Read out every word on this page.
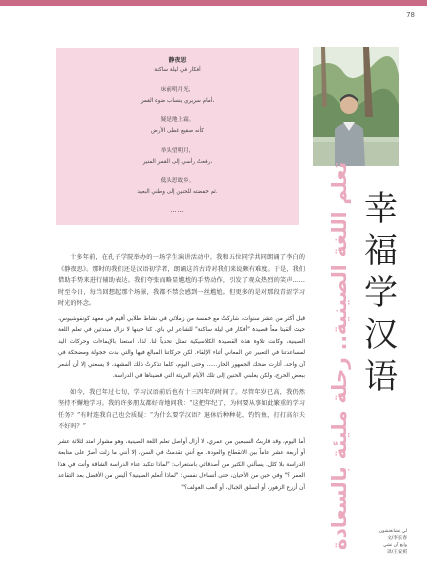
78
静夜思
أفكار في ليلة ساكنة
床前明月光，
أمام سريري ينساب ضوء القمر،
疑是地上霜。
كأنه صقيع غطى الأرض
举头望明月，
رفعتُ رأسي إلى القمر المنير،
低头思故乡。
ثم خفضته للحنين إلى وطني البعيد.
……	تعلم اللغة الصينية.. رحلة مليئة بالسعادة 幸
福
学
汉
语

十多年前，在孔子学院举办的一场学生演讲活动中，我和五位同学共同朗诵了李白的《静夜思》。那时的我们还是汉语初学者，朗诵这首古诗对我们来说颇有难度。于是，我们借助手势来进行辅助表达。我们夸张而略显尴尬的手势动作，引发了观众热烈的笑声……时至今日，每当回想起那个场景，我都不禁会感到一丝尴尬。但更多的是对那段青涩学习时光的怀念。

قبل أكثر من عشر سنوات، شاركتُ مع خمسة من زملائي في نشاط طلابي أقيم في معهد كونفوشيوس، حيث ألقينا معاً قصيدة "أفكار في ليلة ساكنة" للشاعر لي باي. كنا حينها لا نزال مبتدئين في تعلم اللغة الصينية، وكانت تلاوة هذه القصيدة الكلاسيكية تمثل تحدياً لنا. لذا، استعنا بالإيماءات وحركات اليد لمساعدتنا في التعبير عن المعاني أثناء الإلقاء. لكن حركاتنا المبالغ فيها والتي بدت خجولة ومضحكة في آن واحد، أثارت ضحك الجمهور الحار...... وحتى اليوم، كلما تذكرتُ ذلك المشهد، لا يسعني إلا أن أشعر ببعض الحرج، ولكن يغلبني الحنين إلى تلك الأيام البريئة التي قضيناها في الدراسة.

如今，我已年过七旬，学习汉语前后也有十三四年的时间了。尽管年岁已高，我仍然坚持不懈地学习。我的许多朋友都好奇地问我：“这把年纪了，为何要从事如此繁重的学习任务？”有时连我自己也会质疑：“为什么要学汉语？退休后种种花、钓钓鱼，打打高尔夫不好吗？”

أما اليوم، وقد قاربتُ السبعين من عمري، لا أزال أواصل تعلم اللغة الصينية، وهو مشوار امتد لثلاثة عشر أو أربعة عشر عاماً بين الانقطاع والعودة. مع أنني تقدمتُ في السن، إلا أنني ما زلت أصرّ على متابعة الدراسة بلا كلل. يسألني الكثير من أصدقائي باستغراب: "لماذا تتكبد عناء الدراسة الشاقة وأنت في هذا العمر ؟" وفي حين من الأحيان، حتى أتساءل نفسي: "لماذا أتعلم الصينية؟ أليس من الأفضل بعد التقاعد أن أزرع الزهور، أو أتسلق الجبال، أو ألعب الغولف؟"

لي تشانغتشون
文/李长春
وانغ آن تشي
译/王安祺
